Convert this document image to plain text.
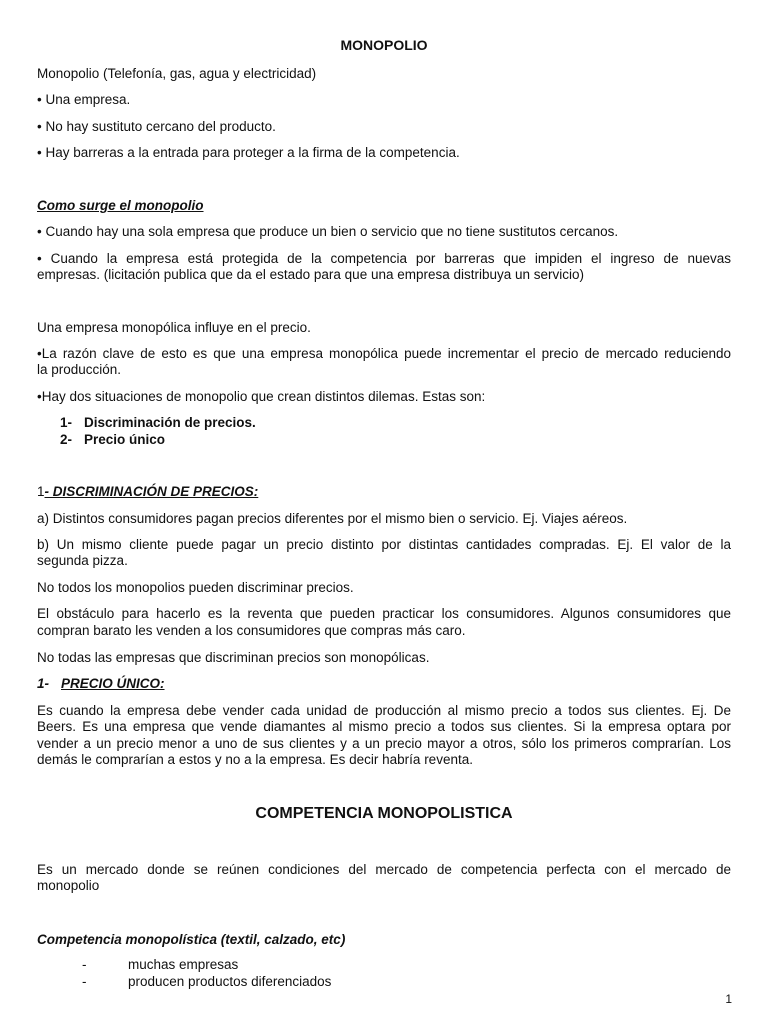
MONOPOLIO
Monopolio (Telefonía, gas, agua y electricidad)
• Una empresa.
• No hay sustituto cercano del producto.
• Hay barreras a la entrada para proteger a la firma de la competencia.
Como surge el monopolio
• Cuando hay una sola empresa que produce un bien o servicio que no tiene sustitutos cercanos.
• Cuando la empresa está protegida de la competencia por barreras que impiden el ingreso de nuevas
empresas. (licitación publica que da el estado para que una empresa distribuya un servicio)
Una empresa monopólica influye en el precio.
•La razón clave de esto es que una empresa monopólica puede incrementar el precio de mercado reduciendo
la producción.
•Hay dos situaciones de monopolio que crean distintos dilemas. Estas son:
1- Discriminación de precios.
2- Precio único
1- DISCRIMINACIÓN DE PRECIOS:
a) Distintos consumidores pagan precios diferentes por el mismo bien o servicio. Ej. Viajes aéreos.
b) Un mismo cliente puede pagar un precio distinto por distintas cantidades compradas. Ej. El valor de la
segunda pizza.
No todos los monopolios pueden discriminar precios.
El obstáculo para hacerlo es la reventa que pueden practicar los consumidores. Algunos consumidores que
compran barato les venden a los consumidores que compras más caro.
No todas las empresas que discriminan precios son monopólicas.
1- PRECIO ÚNICO:
Es cuando la empresa debe vender cada unidad de producción al mismo precio a todos sus clientes. Ej. De
Beers. Es una empresa que vende diamantes al mismo precio a todos sus clientes. Si la empresa optara por
vender a un precio menor a uno de sus clientes y a un precio mayor a otros, sólo los primeros comprarían. Los
demás le comprarían a estos y no a la empresa. Es decir habría reventa.
COMPETENCIA MONOPOLISTICA
Es un mercado donde se reúnen condiciones del mercado de competencia perfecta con el mercado de
monopolio
Competencia monopolística (textil, calzado, etc)
-	muchas empresas
-	producen productos diferenciados
1
